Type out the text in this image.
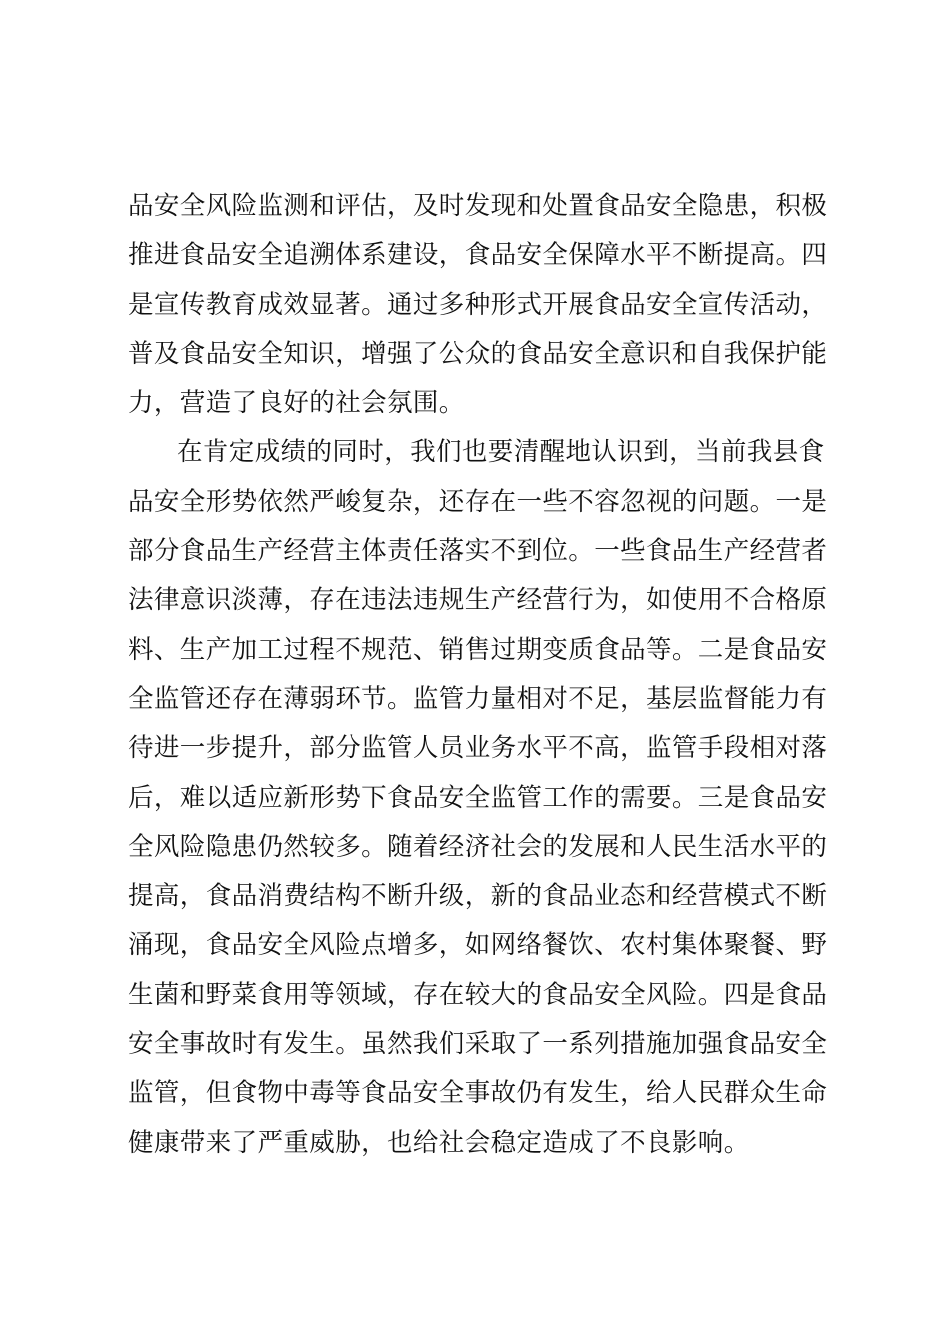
品安全风险监测和评估，及时发现和处置食品安全隐患，积极
推进食品安全追溯体系建设，食品安全保障水平不断提高。四
是宣传教育成效显著。通过多种形式开展食品安全宣传活动，
普及食品安全知识，增强了公众的食品安全意识和自我保护能
力，营造了良好的社会氛围。
在肯定成绩的同时，我们也要清醒地认识到，当前我县食
品安全形势依然严峻复杂，还存在一些不容忽视的问题。一是
部分食品生产经营主体责任落实不到位。一些食品生产经营者
法律意识淡薄，存在违法违规生产经营行为，如使用不合格原
料、生产加工过程不规范、销售过期变质食品等。二是食品安
全监管还存在薄弱环节。监管力量相对不足，基层监督能力有
待进一步提升，部分监管人员业务水平不高，监管手段相对落
后，难以适应新形势下食品安全监管工作的需要。三是食品安
全风险隐患仍然较多。随着经济社会的发展和人民生活水平的
提高，食品消费结构不断升级，新的食品业态和经营模式不断
涌现，食品安全风险点增多，如网络餐饮、农村集体聚餐、野
生菌和野菜食用等领域，存在较大的食品安全风险。四是食品
安全事故时有发生。虽然我们采取了一系列措施加强食品安全
监管，但食物中毒等食品安全事故仍有发生，给人民群众生命
健康带来了严重威胁，也给社会稳定造成了不良影响。
